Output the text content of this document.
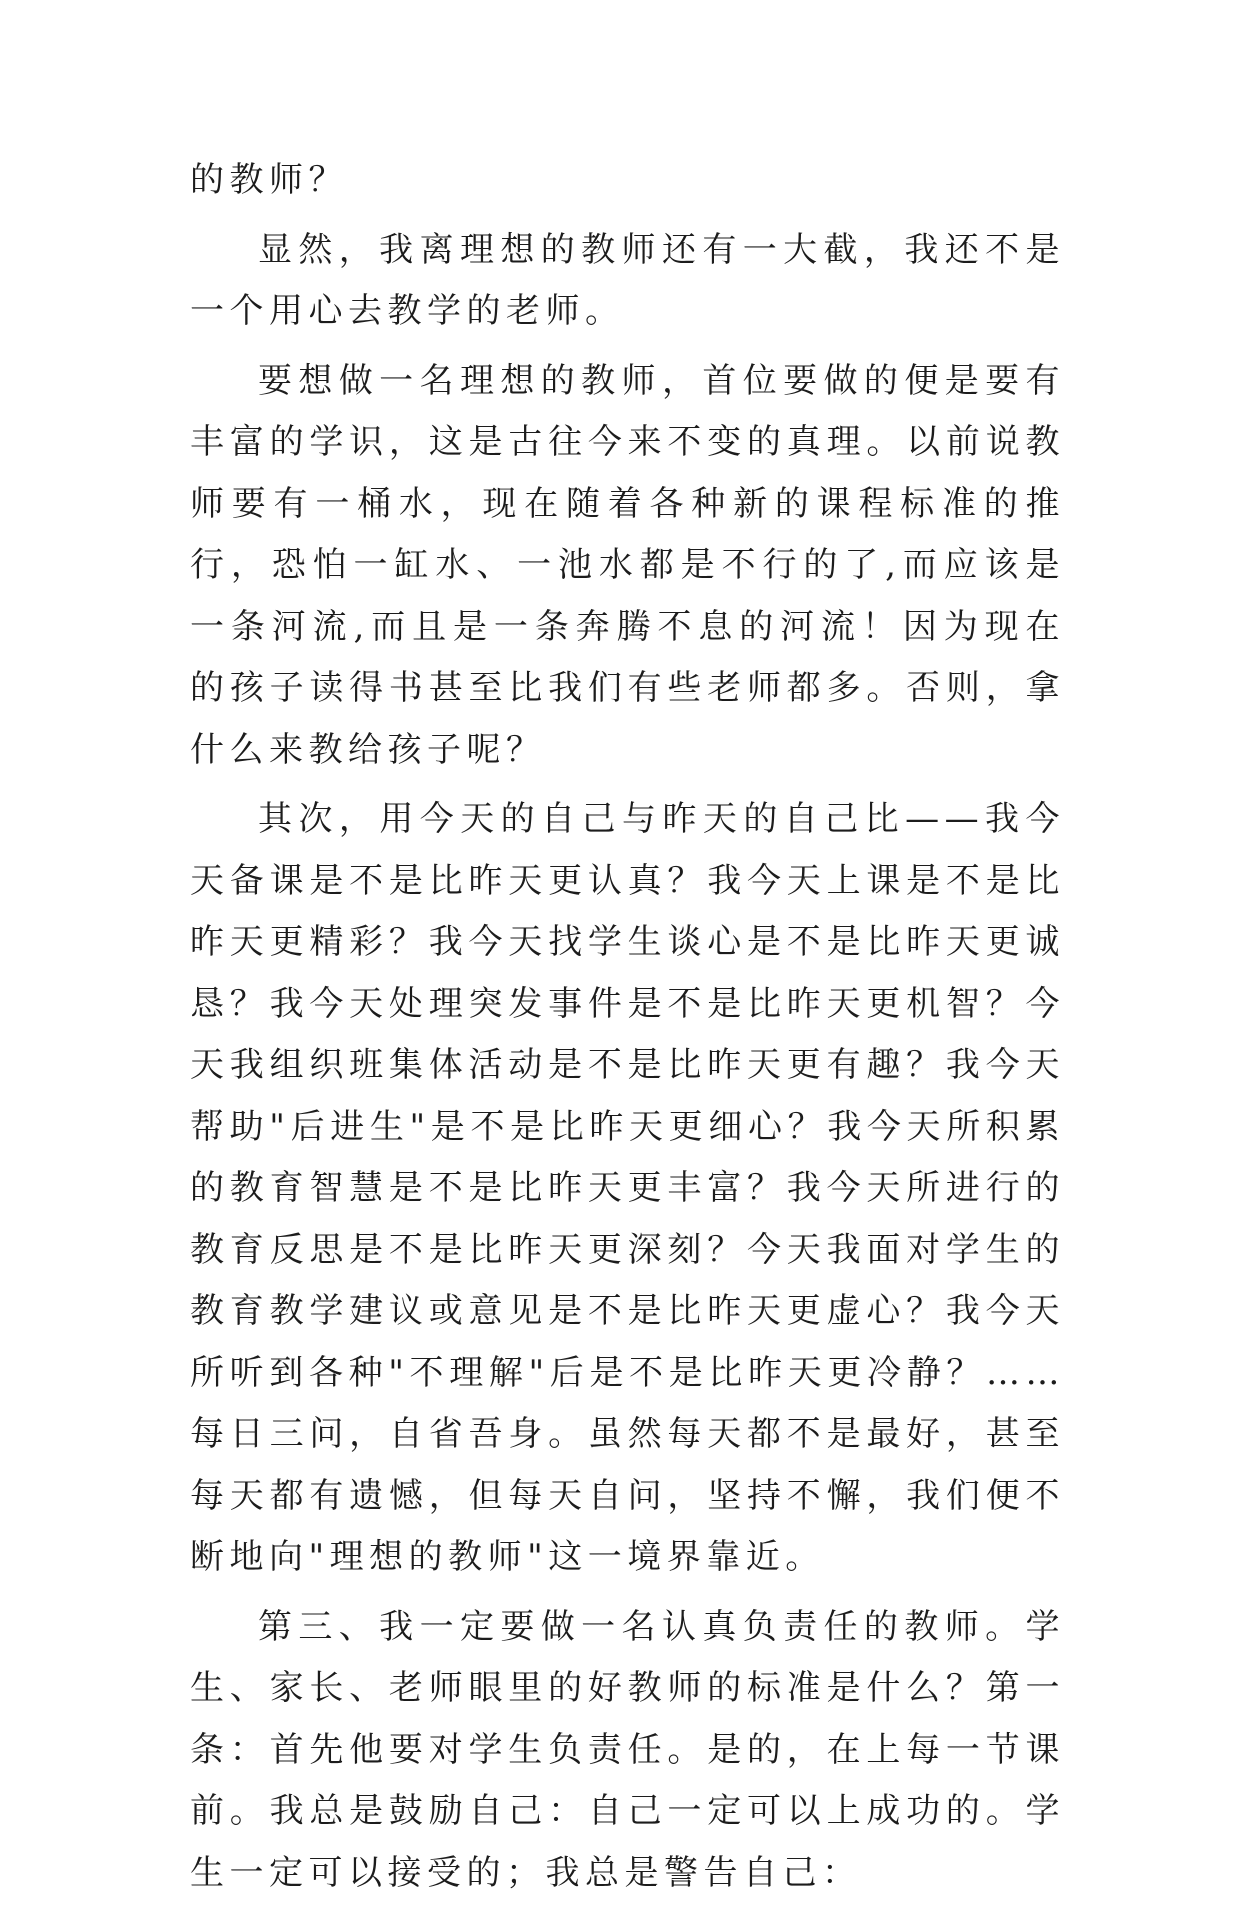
的教师？

显然，我离理想的教师还有一大截，我还不是一个用心去教学的老师。

要想做一名理想的教师，首位要做的便是要有丰富的学识，这是古往今来不变的真理。以前说教师要有一桶水，现在随着各种新的课程标准的推行，恐怕一缸水、一池水都是不行的了,而应该是一条河流,而且是一条奔腾不息的河流！因为现在的孩子读得书甚至比我们有些老师都多。否则，拿什么来教给孩子呢？

其次，用今天的自己与昨天的自己比——我今天备课是不是比昨天更认真？我今天上课是不是比昨天更精彩？我今天找学生谈心是不是比昨天更诚恳？我今天处理突发事件是不是比昨天更机智？今天我组织班集体活动是不是比昨天更有趣？我今天帮助"后进生"是不是比昨天更细心？我今天所积累的教育智慧是不是比昨天更丰富？我今天所进行的教育反思是不是比昨天更深刻？今天我面对学生的教育教学建议或意见是不是比昨天更虚心？我今天所听到各种"不理解"后是不是比昨天更冷静？……每日三问，自省吾身。虽然每天都不是最好，甚至每天都有遗憾，但每天自问，坚持不懈，我们便不断地向"理想的教师"这一境界靠近。

第三、我一定要做一名认真负责任的教师。学生、家长、老师眼里的好教师的标准是什么？第一条：首先他要对学生负责任。是的，在上每一节课前。我总是鼓励自己：自己一定可以上成功的。学生一定可以接受的；我总是警告自己：
